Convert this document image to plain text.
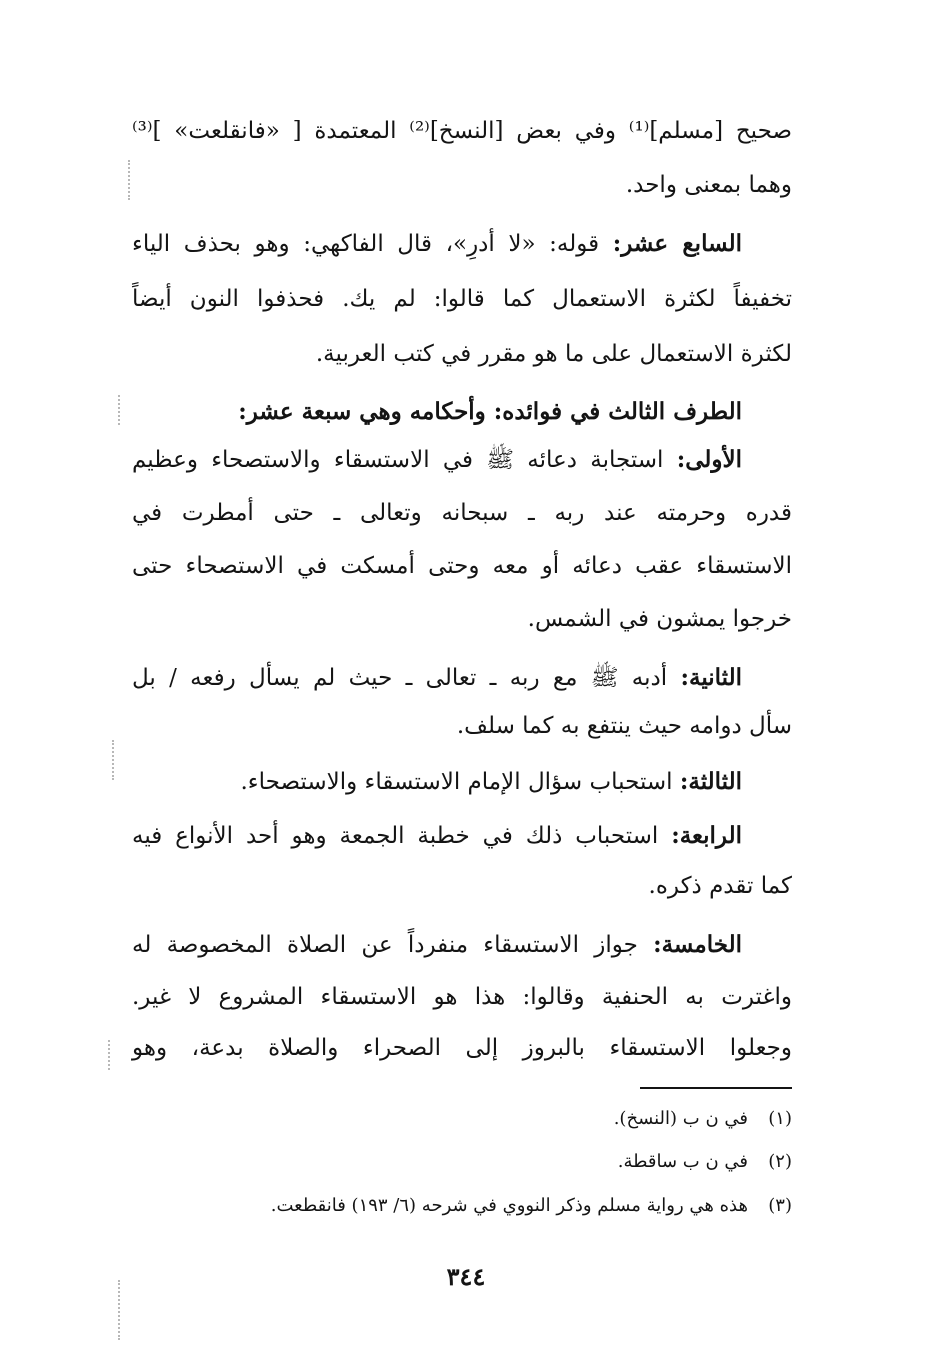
صحيح [مسلم]⁽¹⁾ وفي بعض [النسخ]⁽²⁾ المعتمدة [ «فانقلعت» ]⁽³⁾
وهما بمعنى واحد.
السابع عشر: قوله: «لا أدرِ»، قال الفاكهي: وهو بحذف الياء
تخفيفاً لكثرة الاستعمال كما قالوا: لم يك. فحذفوا النون أيضاً
لكثرة الاستعمال على ما هو مقرر في كتب العربية.
الطرف الثالث في فوائده: وأحكامه وهي سبعة عشر:
الأولى: استجابة دعائه ﷺ في الاستسقاء والاستصحاء وعظيم
قدره وحرمته عند ربه ـ سبحانه وتعالى ـ حتى أمطرت في
الاستسقاء عقب دعائه أو معه وحتى أمسكت في الاستصحاء حتى
خرجوا يمشون في الشمس.
الثانية: أدبه ﷺ مع ربه ـ تعالى ـ حيث لم يسأل رفعه / بل
سأل دوامه حيث ينتفع به كما سلف.
الثالثة: استحباب سؤال الإمام الاستسقاء والاستصحاء.
الرابعة: استحباب ذلك في خطبة الجمعة وهو أحد الأنواع فيه
كما تقدم ذكره.
الخامسة: جواز الاستسقاء منفرداً عن الصلاة المخصوصة له
واغترت به الحنفية وقالوا: هذا هو الاستسقاء المشروع لا غير.
وجعلوا الاستسقاء بالبروز إلى الصحراء والصلاة بدعة، وهو
(١)في ن ب (النسخ).
(٢)في ن ب ساقطة.
(٣)هذه هي رواية مسلم وذكر النووي في شرحه (٦/ ١٩٣) فانقطعت.
٣٤٤
